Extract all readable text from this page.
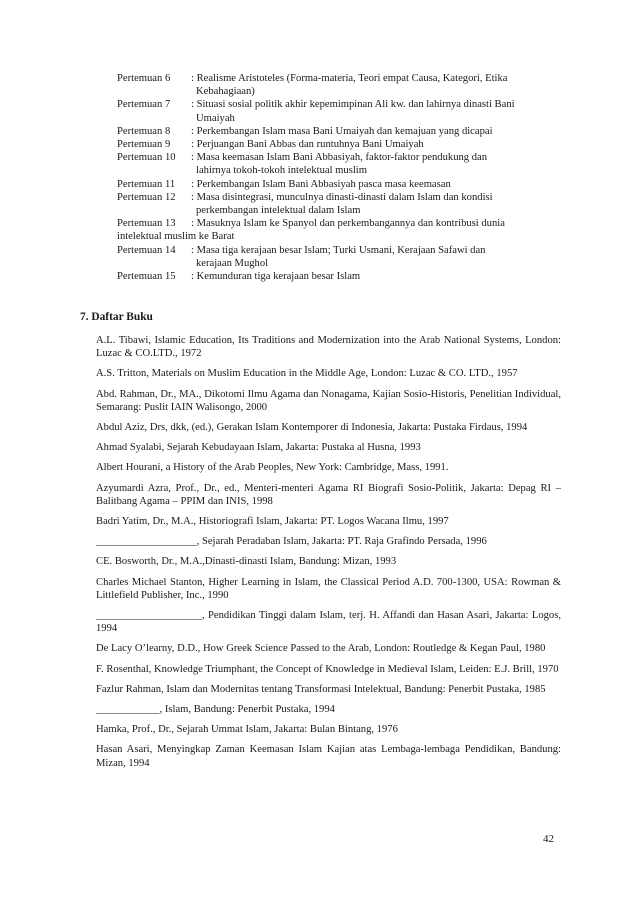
Pertemuan 6	: Realisme Aristoteles (Forma-materia, Teori empat Causa, Kategori, Etika
Kebahagiaan)
Pertemuan 7	: Situasi sosial politik akhir kepemimpinan Ali kw. dan lahirnya dinasti Bani
Umaiyah
Pertemuan 8	: Perkembangan Islam masa Bani Umaiyah dan kemajuan yang dicapai
Pertemuan 9	: Perjuangan Bani Abbas dan runtuhnya Bani Umaiyah
Pertemuan 10	: Masa keemasan Islam Bani Abbasiyah, faktor-faktor pendukung dan
lahirnya tokoh-tokoh intelektual muslim
Pertemuan 11	: Perkembangan Islam Bani Abbasiyah pasca masa keemasan
Pertemuan 12	: Masa disintegrasi, munculnya dinasti-dinasti dalam Islam dan kondisi
perkembangan intelektual dalam Islam
Pertemuan 13	: Masuknya Islam ke Spanyol dan perkembangannya dan kontribusi dunia
intelektual muslim ke Barat
Pertemuan 14	: Masa tiga kerajaan besar Islam; Turki Usmani, Kerajaan Safawi dan
kerajaan Mughol
Pertemuan 15	: Kemunduran tiga kerajaan besar Islam
7. Daftar Buku
A.L. Tibawi, Islamic Education, Its Traditions and Modernization into the Arab National Systems, London: Luzac & CO.LTD., 1972
A.S. Tritton, Materials on Muslim Education in the Middle Age, London: Luzac & CO. LTD., 1957
Abd. Rahman, Dr., MA., Dikotomi Ilmu Agama dan Nonagama, Kajian Sosio-Historis, Penelitian Individual, Semarang: Puslit IAIN Walisongo, 2000
Abdul Aziz, Drs, dkk, (ed.), Gerakan Islam Kontemporer di Indonesia, Jakarta: Pustaka Firdaus, 1994
Ahmad Syalabi, Sejarah Kebudayaan Islam, Jakarta: Pustaka al Husna, 1993
Albert Hourani, a History of the Arab Peoples, New York: Cambridge, Mass, 1991.
Azyumardi Azra, Prof., Dr., ed., Menteri-menteri Agama RI Biografi Sosio-Politik, Jakarta: Depag RI – Balitbang Agama – PPIM dan INIS, 1998
Badri Yatim, Dr., M.A., Historiografi Islam, Jakarta: PT. Logos Wacana Ilmu, 1997
___________________, Sejarah Peradaban Islam, Jakarta: PT. Raja Grafindo Persada, 1996
CE. Bosworth, Dr., M.A.,Dinasti-dinasti Islam, Bandung: Mizan, 1993
Charles Michael Stanton, Higher Learning in Islam, the Classical Period A.D. 700-1300, USA: Rowman & Littlefield Publisher, Inc., 1990
____________________, Pendidikan Tinggi dalam Islam, terj. H. Affandi dan Hasan Asari, Jakarta: Logos, 1994
De Lacy O’learny, D.D., How Greek Science Passed to the Arab, London: Routledge & Kegan Paul, 1980
F. Rosenthal, Knowledge Triumphant, the Concept of Knowledge in Medieval Islam, Leiden: E.J. Brill, 1970
Fazlur Rahman, Islam dan Modernitas tentang Transformasi Intelektual, Bandung: Penerbit Pustaka, 1985
____________, Islam, Bandung: Penerbit Pustaka, 1994
Hamka, Prof., Dr., Sejarah Ummat Islam, Jakarta: Bulan Bintang, 1976
Hasan Asari, Menyingkap Zaman Keemasan Islam Kajian atas Lembaga-lembaga Pendidikan, Bandung: Mizan, 1994
42
